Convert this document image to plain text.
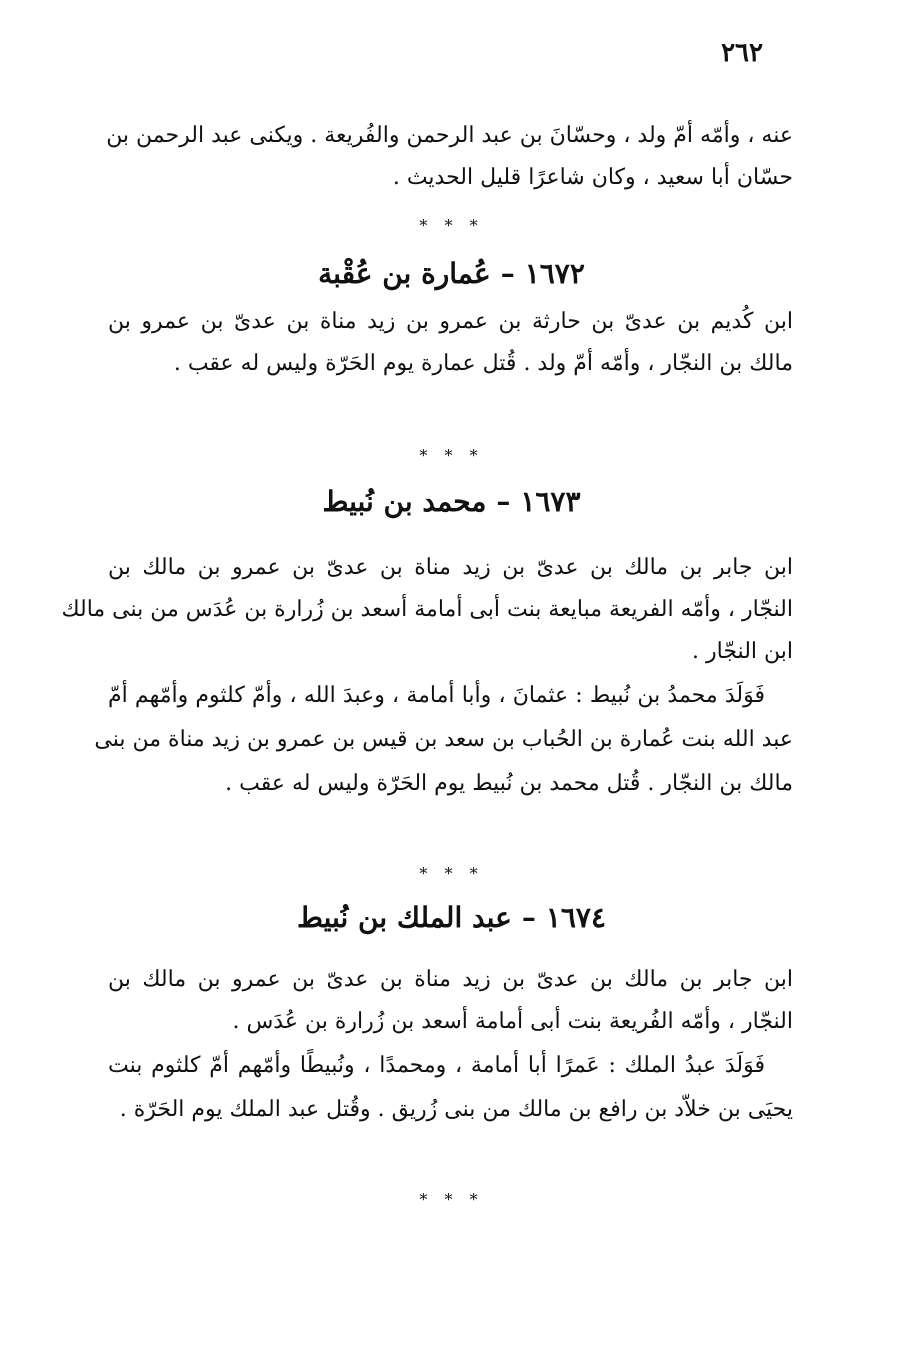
٢٦٢
عنه ، وأمّه أمّ ولد ، وحسّانَ بن عبد الرحمن والفُريعة . ويكنى عبد الرحمن بن
حسّان أبا سعيد ، وكان شاعرًا قليل الحديث .
* * *
١٦٧٢–عُمارة بن عُقْبة
ابن كُديم بن عدىّ بن حارثة بن عمرو بن زيد مناة بن عدىّ بن عمرو بن
مالك بن النجّار ، وأمّه أمّ ولد . قُتل عمارة يوم الحَرّة وليس له عقب .
* * *
١٦٧٣–محمد بن نُبيط
ابن جابر بن مالك بن عدىّ بن زيد مناة بن عدىّ بن عمرو بن مالك بن
النجّار ، وأمّه الفريعة مبايعة بنت أبى أمامة أسعد بن زُرارة بن عُدَس من بنى مالك
ابن النجّار .
فَوَلَدَ محمدُ بن نُبيط : عثمانَ ، وأبا أمامة ، وعبدَ الله ، وأمّ كلثوم وأمّهم أمّ
عبد الله بنت عُمارة بن الحُباب بن سعد بن قيس بن عمرو بن زيد مناة من بنى
مالك بن النجّار . قُتل محمد بن نُبيط يوم الحَرّة وليس له عقب .
* * *
١٦٧٤–عبد الملك بن نُبيط
ابن جابر بن مالك بن عدىّ بن زيد مناة بن عدىّ بن عمرو بن مالك بن
النجّار ، وأمّه الفُريعة بنت أبى أمامة أسعد بن زُرارة بن عُدَس .
فَوَلَدَ عبدُ الملك : عَمرًا أبا أمامة ، ومحمدًا ، ونُبيطًا وأمّهم أمّ كلثوم بنت
يحيَى بن خلاّد بن رافع بن مالك من بنى زُريق . وقُتل عبد الملك يوم الحَرّة .
* * *
